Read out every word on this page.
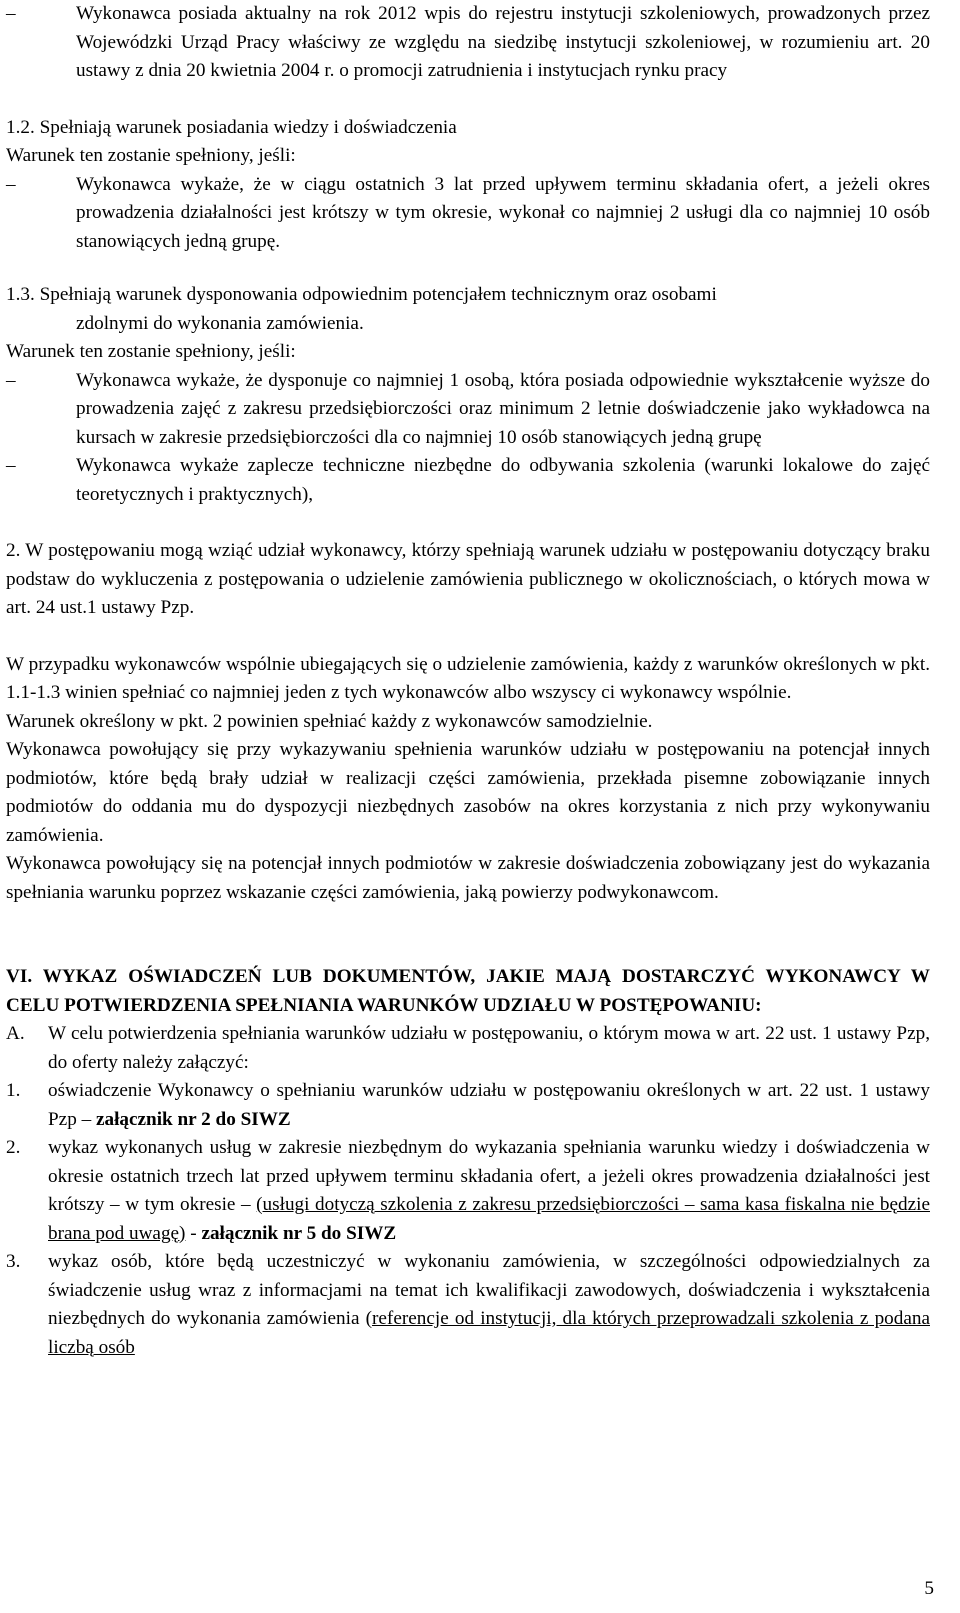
–	Wykonawca posiada aktualny na rok 2012 wpis do rejestru instytucji szkoleniowych, prowadzonych przez Wojewódzki Urząd Pracy właściwy ze względu na siedzibę instytucji szkoleniowej, w rozumieniu art. 20 ustawy z dnia 20 kwietnia 2004 r. o promocji zatrudnienia i instytucjach rynku pracy

1.2. Spełniają warunek posiadania wiedzy i doświadczenia

Warunek ten zostanie spełniony, jeśli:

–	Wykonawca wykaże, że w ciągu ostatnich 3 lat przed upływem terminu składania ofert, a jeżeli okres prowadzenia działalności jest krótszy w tym okresie, wykonał co najmniej 2 usługi dla co najmniej 10 osób stanowiących jedną grupę.

1.3. Spełniają warunek dysponowania odpowiednim potencjałem technicznym oraz osobami

zdolnymi do wykonania zamówienia.

Warunek ten zostanie spełniony, jeśli:

–	Wykonawca wykaże, że dysponuje co najmniej 1 osobą, która posiada odpowiednie wykształcenie wyższe do prowadzenia zajęć z zakresu przedsiębiorczości oraz minimum 2 letnie doświadczenie jako wykładowca na kursach w zakresie przedsiębiorczości dla co najmniej 10 osób stanowiących jedną grupę
–	Wykonawca wykaże zaplecze techniczne niezbędne do odbywania szkolenia (warunki lokalowe do zajęć teoretycznych i praktycznych),

2. W postępowaniu mogą wziąć udział wykonawcy, którzy spełniają warunek udziału w postępowaniu dotyczący braku podstaw do wykluczenia z postępowania o udzielenie zamówienia publicznego w okolicznościach, o których mowa w art. 24 ust.1 ustawy Pzp.

W przypadku wykonawców wspólnie ubiegających się o udzielenie zamówienia, każdy z warunków określonych w pkt. 1.1-1.3 winien spełniać co najmniej jeden z tych wykonawców albo wszyscy ci wykonawcy wspólnie.

Warunek określony w pkt. 2 powinien spełniać każdy z wykonawców samodzielnie.

Wykonawca powołujący się przy wykazywaniu spełnienia warunków udziału w postępowaniu na potencjał innych podmiotów, które będą brały udział w realizacji części zamówienia, przekłada pisemne zobowiązanie innych podmiotów do oddania mu do dyspozycji niezbędnych zasobów na okres korzystania z nich przy wykonywaniu zamówienia.

Wykonawca powołujący się na potencjał innych podmiotów w zakresie doświadczenia zobowiązany jest do wykazania spełniania warunku poprzez wskazanie części zamówienia, jaką powierzy podwykonawcom.

VI. WYKAZ OŚWIADCZEŃ LUB DOKUMENTÓW, JAKIE MAJĄ DOSTARCZYĆ WYKONAWCY W CELU POTWIERDZENIA SPEŁNIANIA WARUNKÓW UDZIAŁU W POSTĘPOWANIU:

A.	W celu potwierdzenia spełniania warunków udziału w postępowaniu, o którym mowa w art. 22 ust. 1 ustawy Pzp, do oferty należy załączyć:
1.	oświadczenie Wykonawcy o spełnianiu warunków udziału w postępowaniu określonych w art. 22 ust. 1 ustawy Pzp – załącznik nr 2 do SIWZ
2.	wykaz wykonanych usług w zakresie niezbędnym do wykazania spełniania warunku wiedzy i doświadczenia w okresie ostatnich trzech lat przed upływem terminu składania ofert, a jeżeli okres prowadzenia działalności jest krótszy – w tym okresie – (usługi dotyczą szkolenia z zakresu przedsiębiorczości – sama kasa fiskalna nie będzie brana pod uwagę) - załącznik nr 5 do SIWZ
3.	wykaz osób, które będą uczestniczyć w wykonaniu zamówienia, w szczególności odpowiedzialnych za świadczenie usług wraz z informacjami na temat ich kwalifikacji zawodowych, doświadczenia i wykształcenia niezbędnych do wykonania zamówienia (referencje od instytucji, dla których przeprowadzali szkolenia z podana liczbą osób
5
